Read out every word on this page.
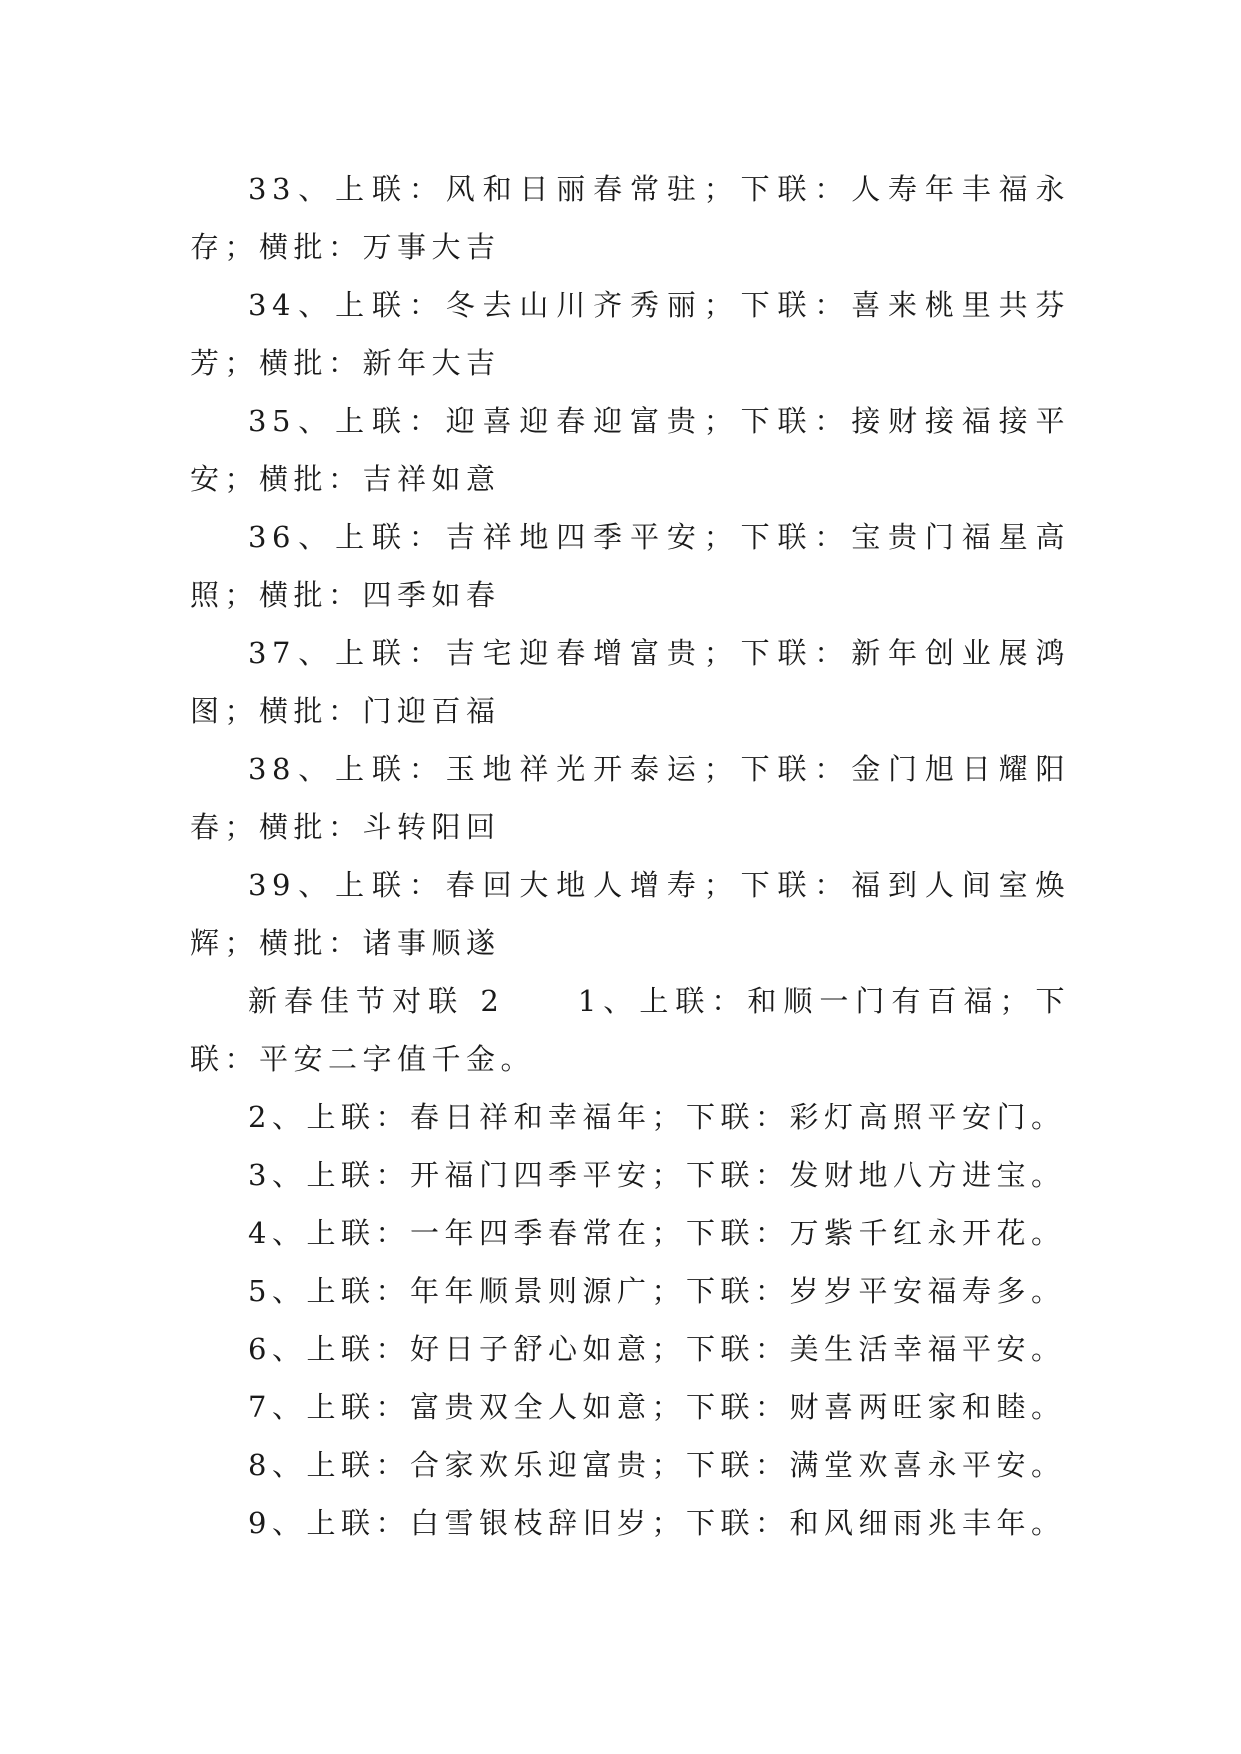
33、上联：风和日丽春常驻；下联：人寿年丰福永存；横批：万事大吉

34、上联：冬去山川齐秀丽；下联：喜来桃里共芬芳；横批：新年大吉

35、上联：迎喜迎春迎富贵；下联：接财接福接平安；横批：吉祥如意

36、上联：吉祥地四季平安；下联：宝贵门福星高照；横批：四季如春

37、上联：吉宅迎春增富贵；下联：新年创业展鸿图；横批：门迎百福

38、上联：玉地祥光开泰运；下联：金门旭日耀阳春；横批：斗转阳回

39、上联：春回大地人增寿；下联：福到人间室焕辉；横批：诸事顺遂

新春佳节对联 2　　1、上联：和顺一门有百福；下联：平安二字值千金。

2、上联：春日祥和幸福年；下联：彩灯高照平安门。

3、上联：开福门四季平安；下联：发财地八方进宝。

4、上联：一年四季春常在；下联：万紫千红永开花。

5、上联：年年顺景则源广；下联：岁岁平安福寿多。

6、上联：好日子舒心如意；下联：美生活幸福平安。

7、上联：富贵双全人如意；下联：财喜两旺家和睦。

8、上联：合家欢乐迎富贵；下联：满堂欢喜永平安。

9、上联：白雪银枝辞旧岁；下联：和风细雨兆丰年。
